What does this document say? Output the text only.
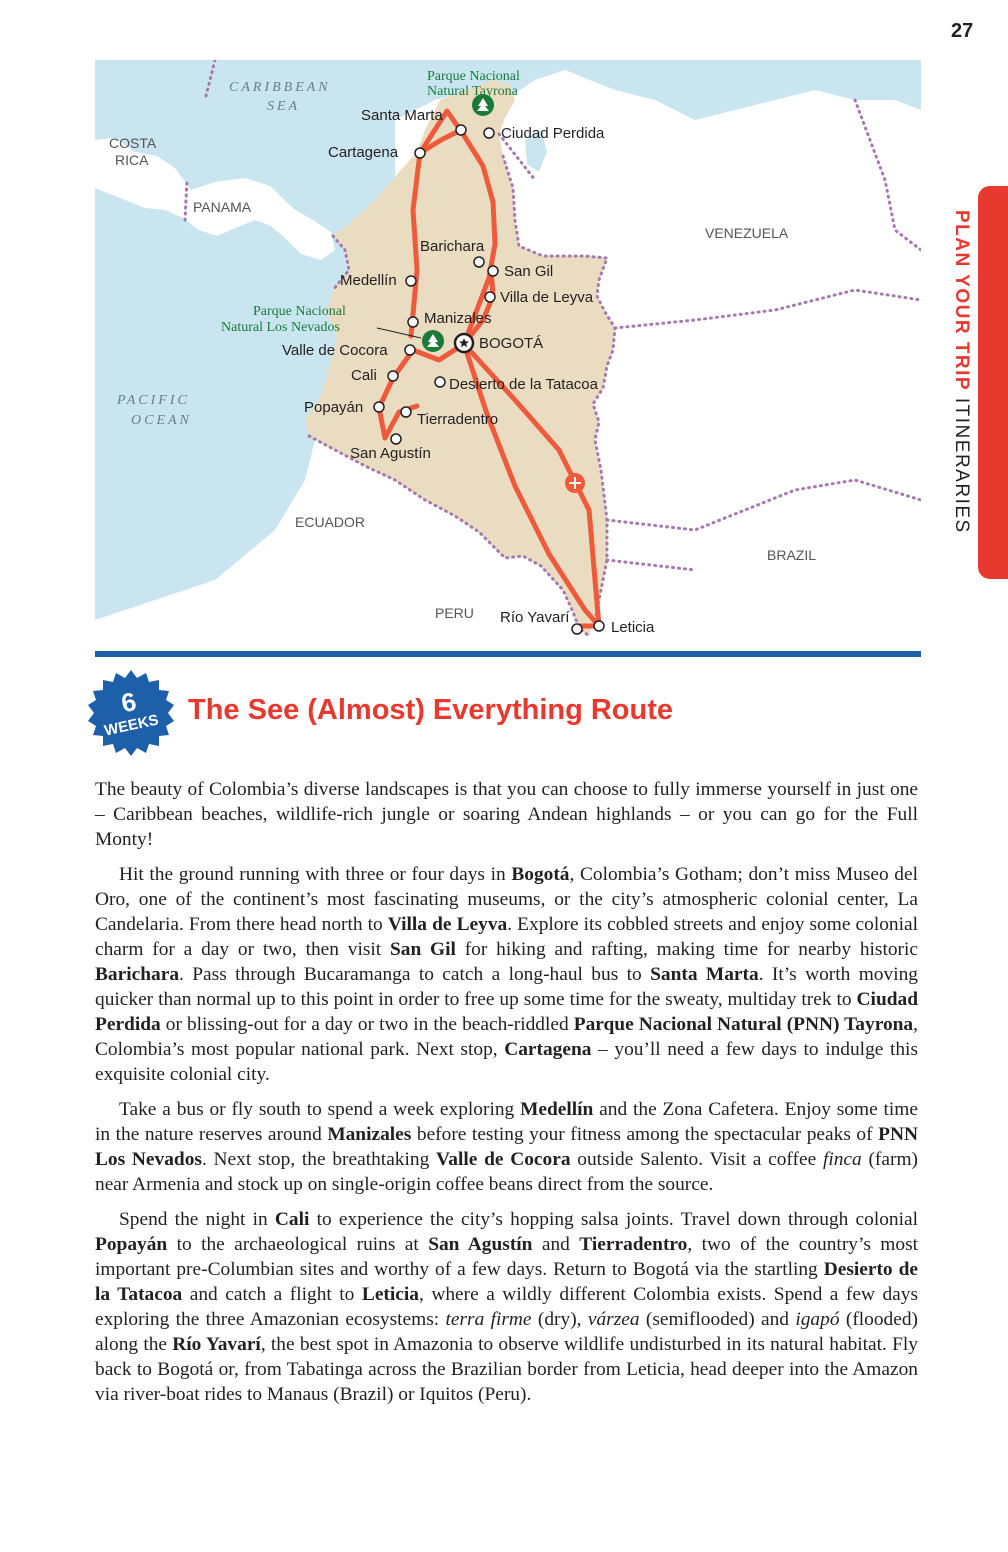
27
PLAN YOUR TRIP ITINERARIES
CARIBBEAN
SEA
PACIFIC
OCEAN
COSTA
RICA
PANAMA
VENEZUELA
ECUADOR
PERU
BRAZIL
Parque Nacional
Natural Tayrona
Parque Nacional
Natural Los Nevados
Santa Marta
Ciudad Perdida
Cartagena
Barichara
San Gil
Medellín
Villa de Leyva
Manizales
Valle de Cocora	BOGOTÁ
Cali
Desierto de la Tatacoa
Popayán
Tierradentro
San Agustín
Río Yavarí
Leticia
6
WEEKS The See (Almost) Everything Route

The beauty of Colombia’s diverse landscapes is that you can choose to fully immerse yourself in just one – Caribbean beaches, wildlife-rich jungle or soaring Andean highlands – or you can go for the Full Monty!

Hit the ground running with three or four days in Bogotá, Colombia’s Gotham; don’t miss Museo del Oro, one of the continent’s most fascinating museums, or the city’s atmospheric colonial center, La Candelaria. From there head north to Villa de Leyva. Explore its cobbled streets and enjoy some colonial charm for a day or two, then visit San Gil for hiking and rafting, making time for nearby historic Barichara. Pass through Bucaramanga to catch a long-haul bus to Santa Marta. It’s worth moving quicker than normal up to this point in order to free up some time for the sweaty, multiday trek to Ciudad Perdida or blissing-out for a day or two in the beach-riddled Parque Nacional Natural (PNN) Tayrona, Colombia’s most popular national park. Next stop, Cartagena – you’ll need a few days to indulge this exquisite colonial city.

Take a bus or fly south to spend a week exploring Medellín and the Zona Cafetera. Enjoy some time in the nature reserves around Manizales before testing your fitness among the spectacular peaks of PNN Los Nevados. Next stop, the breathtaking Valle de Cocora outside Salento. Visit a coffee finca (farm) near Armenia and stock up on single-origin coffee beans direct from the source.

Spend the night in Cali to experience the city’s hopping salsa joints. Travel down through colonial Popayán to the archaeological ruins at San Agustín and Tierradentro, two of the country’s most important pre-Columbian sites and worthy of a few days. Return to Bogotá via the startling Desierto de la Tatacoa and catch a flight to Leticia, where a wildly different Colombia exists. Spend a few days exploring the three Amazonian ecosystems: terra firme (dry), várzea (semiflooded) and igapó (flooded) along the Río Yavarí, the best spot in Amazonia to observe wildlife undisturbed in its natural habitat. Fly back to Bogotá or, from Tabatinga across the Brazilian border from Leticia, head deeper into the Amazon via river-boat rides to Manaus (Brazil) or Iquitos (Peru).
